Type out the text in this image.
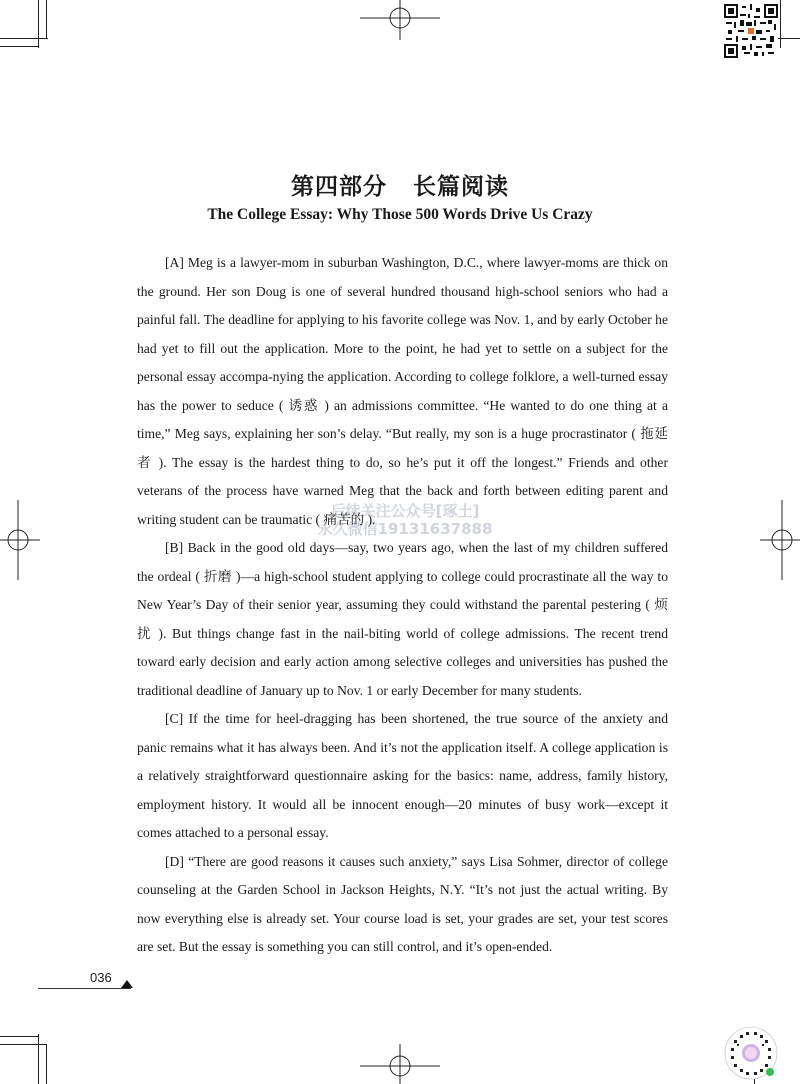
第四部分 长篇阅读
The College Essay: Why Those 500 Words Drive Us Crazy

[A] Meg is a lawyer-mom in suburban Washington, D.C., where lawyer-moms are thick on the ground. Her son Doug is one of several hundred thousand high-school seniors who had a painful fall. The deadline for applying to his favorite college was Nov. 1, and by early October he had yet to fill out the application. More to the point, he had yet to settle on a subject for the personal essay accompa-nying the application. According to college folklore, a well-turned essay has the power to seduce ( 诱惑 ) an admissions committee. “He wanted to do one thing at a time,” Meg says, explaining her son’s delay. “But really, my son is a huge procrastinator ( 拖延者 ). The essay is the hardest thing to do, so he’s put it off the longest.” Friends and other veterans of the process have warned Meg that the back and forth between editing parent and writing student can be traumatic ( 痛苦的 ).

[B] Back in the good old days—say, two years ago, when the last of my children suffered the ordeal ( 折磨 )—a high-school student applying to college could procrastinate all the way to New Year’s Day of their senior year, assuming they could withstand the parental pestering ( 烦 扰 ). But things change fast in the nail-biting world of college admissions. The recent trend toward early decision and early action among selective colleges and universities has pushed the traditional deadline of January up to Nov. 1 or early December for many students.

[C] If the time for heel-dragging has been shortened, the true source of the anxiety and panic remains what it has always been. And it’s not the application itself. A college application is a relatively straightforward questionnaire asking for the basics: name, address, family history, employment history. It would all be innocent enough—20 minutes of busy work—except it comes attached to a personal essay.

[D] “There are good reasons it causes such anxiety,” says Lisa Sohmer, director of college counseling at the Garden School in Jackson Heights, N.Y. “It’s not just the actual writing. By now everything else is already set. Your course load is set, your grades are set, your test scores are set. But the essay is something you can still control, and it’s open-ended.

后续关注公众号[琢土]
永久微信19131637888
036
